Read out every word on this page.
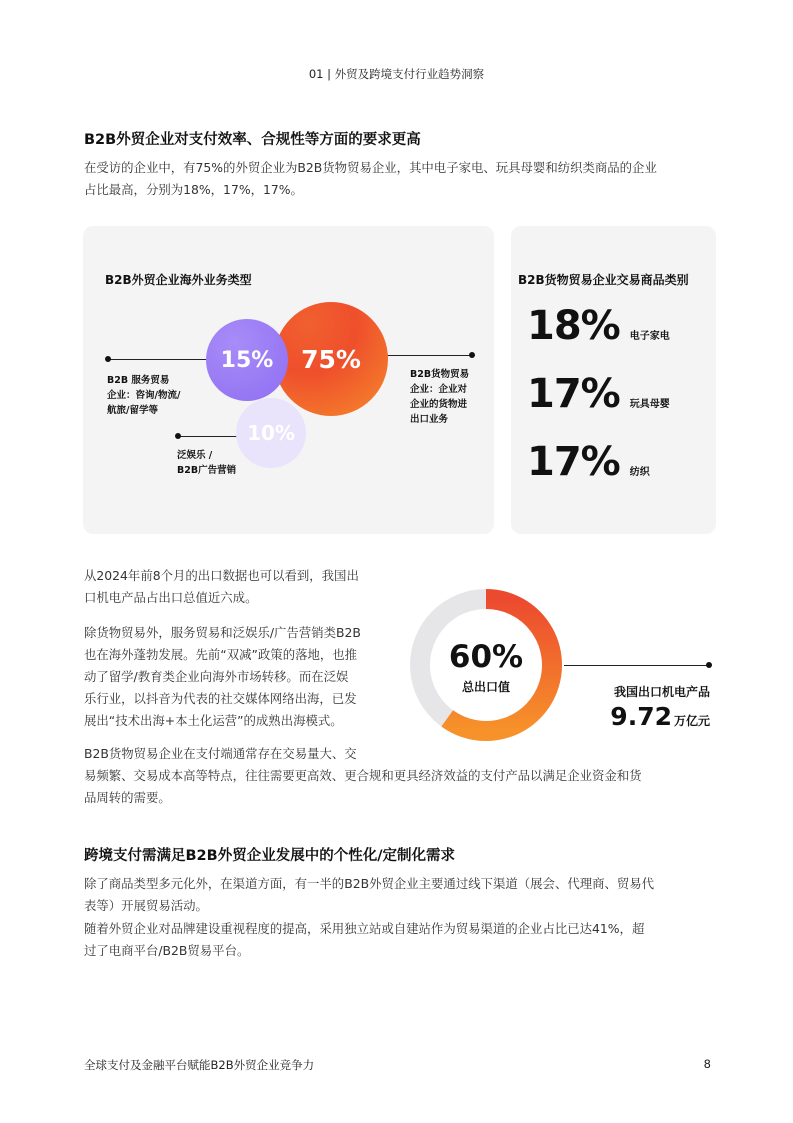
01 | 外贸及跨境支付行业趋势洞察
B2B外贸企业对支付效率、合规性等方面的要求更高

在受访的企业中，有75%的外贸企业为B2B货物贸易企业，其中电子家电、玩具母婴和纺织类商品的企业

占比最高，分别为18%，17%，17%。

B2B外贸企业海外业务类型
75%
10%
15%
B2B 服务贸易
企业：咨询/物流/
航旅/留学等
B2B货物贸易
企业：企业对
企业的货物进
出口业务
泛娱乐 /
B2B广告营销
B2B货物贸易企业交易商品类别
18% 电子家电
17% 玩具母婴
17% 纺织

从2024年前8个月的出口数据也可以看到，我国出

口机电产品占出口总值近六成。

除货物贸易外，服务贸易和泛娱乐/广告营销类B2B

也在海外蓬勃发展。先前“双减”政策的落地，也推

动了留学/教育类企业向海外市场转移。而在泛娱

乐行业，以抖音为代表的社交媒体网络出海，已发

展出“技术出海+本土化运营”的成熟出海模式。

B2B货物贸易企业在支付端通常存在交易量大、交

易频繁、交易成本高等特点，往往需要更高效、更合规和更具经济效益的支付产品以满足企业资金和货

品周转的需要。

60%
总出口值	我国出口机电产品
9.72 万亿元
跨境支付需满足B2B外贸企业发展中的个性化/定制化需求

除了商品类型多元化外，在渠道方面，有一半的B2B外贸企业主要通过线下渠道（展会、代理商、贸易代

表等）开展贸易活动。

随着外贸企业对品牌建设重视程度的提高，采用独立站或自建站作为贸易渠道的企业占比已达41%，超

过了电商平台/B2B贸易平台。

全球支付及金融平台赋能B2B外贸企业竞争力	8
